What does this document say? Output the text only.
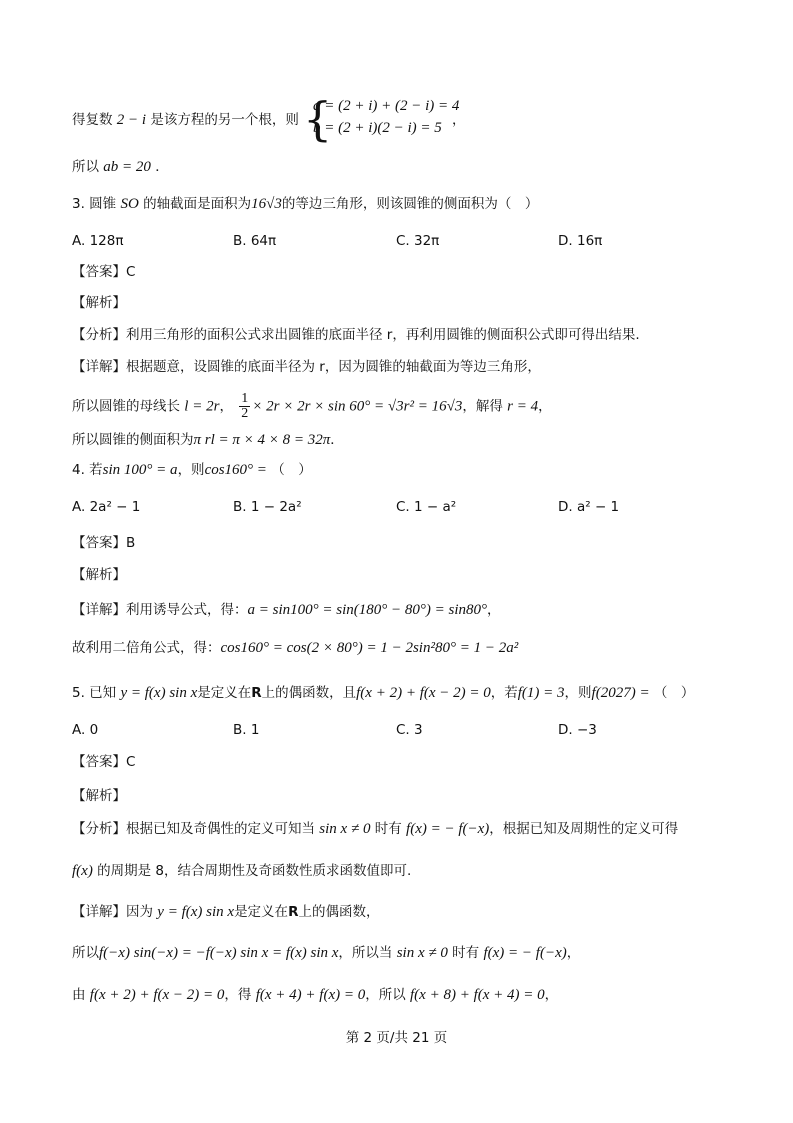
得复数 2 − i 是该方程的另一个根，则 {
a = (2 + i) + (2 − i) = 4
b = (2 + i)(2 − i) = 5 ，
所以 ab = 20 ．
3. 圆锥 SO 的轴截面是面积为16√3的等边三角形，则该圆锥的侧面积为（　）
A. 128π	B. 64π	C. 32π	D. 16π
【答案】C
【解析】
【分析】利用三角形的面积公式求出圆锥的底面半径 r，再利用圆锥的侧面积公式即可得出结果.
【详解】根据题意，设圆锥的底面半径为 r，因为圆锥的轴截面为等边三角形，
所以圆锥的母线长 l = 2r， $\frac{1}{2} \times 2r \times 2r \times \sin 60^\circ = √3r^2 = 16√3$，解得 r = 4，
所以圆锥的侧面积为π rl = π × 4 × 8 = 32π．
4. 若sin 100° = a，则cos160° = （　）
A. 2a² − 1	B. 1 − 2a²	C. 1 − a²	D. a² − 1
【答案】B
【解析】
【详解】利用诱导公式，得：a = sin100° = sin(180° − 80°) = sin80°，
故利用二倍角公式，得：cos160° = cos(2 × 80°) = 1 − 2sin²80° = 1 − 2a²
5. 已知 y = f(x) sin x是定义在R上的偶函数，且f(x + 2) + f(x − 2) = 0，若f(1) = 3，则f(2027) = （　）
A. 0	B. 1	C. 3	D. −3
【答案】C
【解析】
【分析】根据已知及奇偶性的定义可知当 sin x ≠ 0 时有 f(x) = − f(−x)，根据已知及周期性的定义可得
f(x) 的周期是 8，结合周期性及奇函数性质求函数值即可.
【详解】因为 y = f(x) sin x是定义在R上的偶函数，
所以f(−x) sin(−x) = −f(−x) sin x = f(x) sin x，所以当 sin x ≠ 0 时有 f(x) = − f(−x)，
由 f(x + 2) + f(x − 2) = 0，得 f(x + 4) + f(x) = 0，所以 f(x + 8) + f(x + 4) = 0，
第 2 页/共 21 页
